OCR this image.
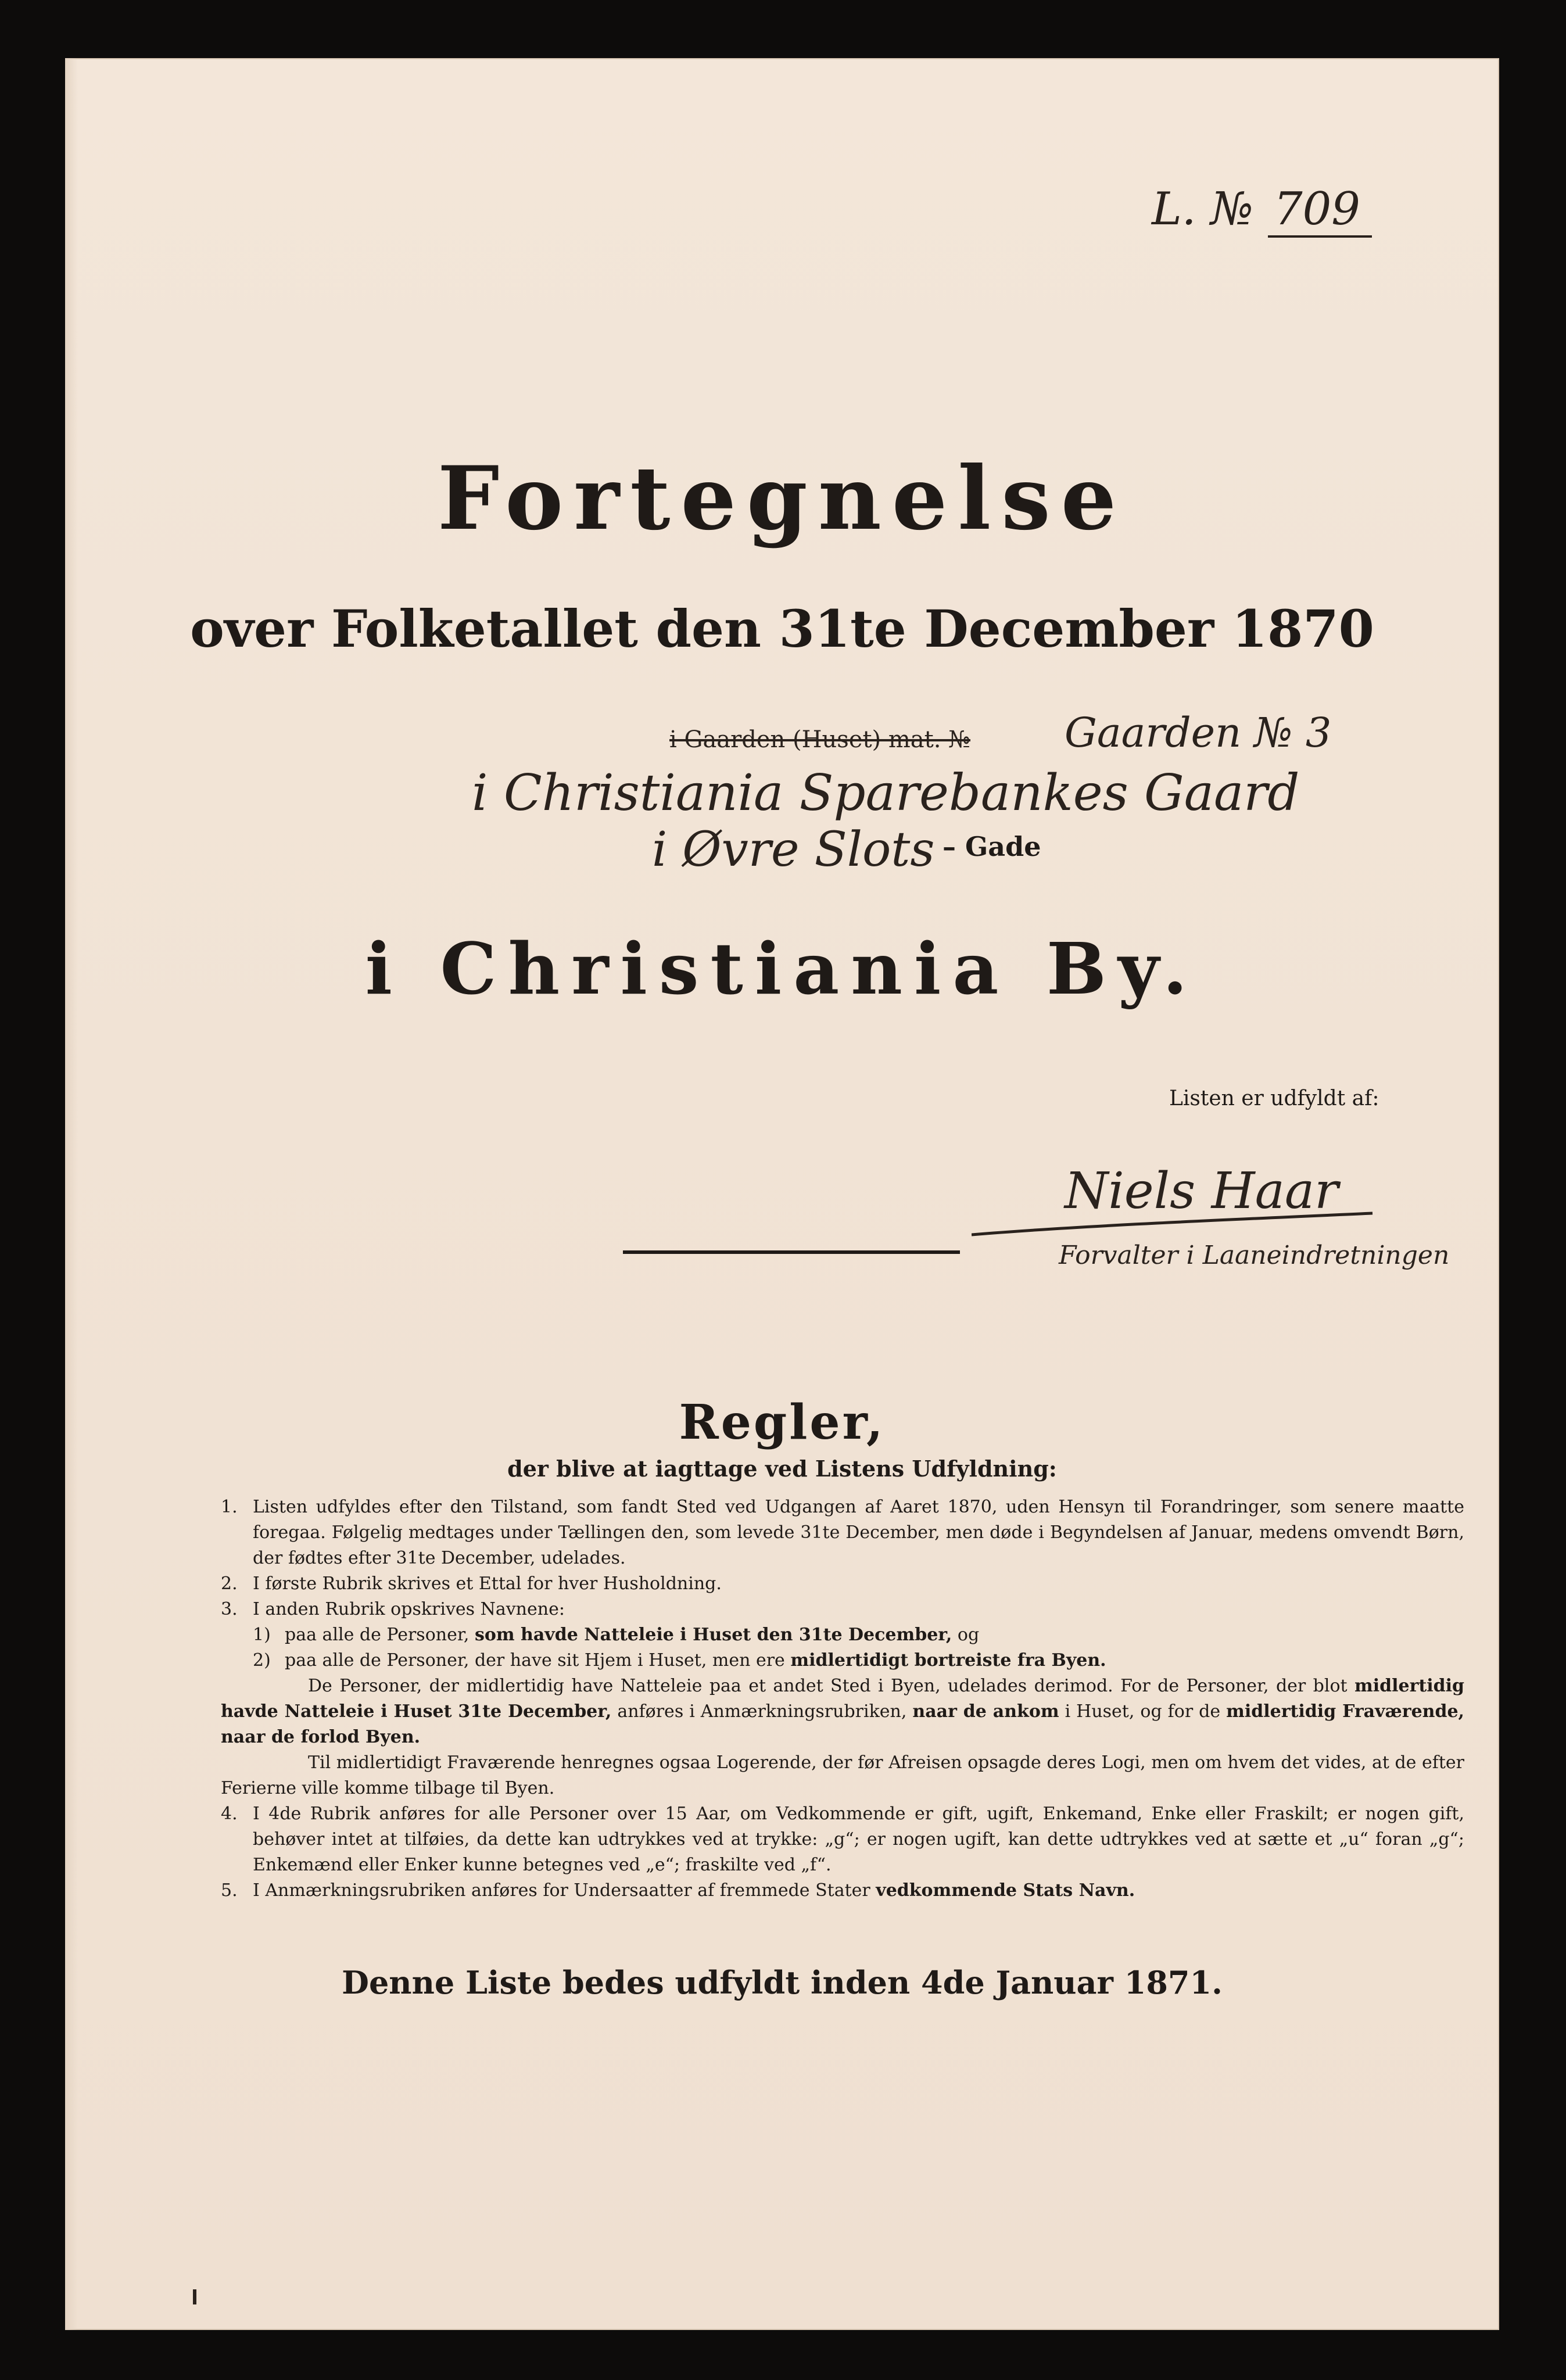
L. № 709
Fortegnelse
over Folketallet den 31te December 1870
i Gaarden (Huset) mat. № Gaarden № 3
i Christiania Sparebankes Gaard
i Øvre Slots – Gade
i Christiania By.
Listen er udfyldt af:
Niels Haar
Forvalter i Laaneindretningen
Regler,
der blive at iagttage ved Listens Udfyldning:

1. Listen udfyldes efter den Tilstand, som fandt Sted ved Udgangen af Aaret 1870, uden Hensyn til Forandringer, som senere maatte foregaa. Følgelig medtages under Tællingen den, som levede 31te December, men døde i Begyndelsen af Januar, medens omvendt Børn, der fødtes efter 31te December, udelades.

2. I første Rubrik skrives et Ettal for hver Husholdning.

3. I anden Rubrik opskrives Navnene:

1) paa alle de Personer, som havde Natteleie i Huset den 31te December, og

2) paa alle de Personer, der have sit Hjem i Huset, men ere midlertidigt bortreiste fra Byen.

De Personer, der midlertidig have Natteleie paa et andet Sted i Byen, udelades derimod. For de Personer, der blot midlertidig havde Natteleie i Huset 31te December, anføres i Anmærkningsrubriken, naar de ankom i Huset, og for de midlertidig Fraværende, naar de forlod Byen.

Til midlertidigt Fraværende henregnes ogsaa Logerende, der før Afreisen opsagde deres Logi, men om hvem det vides, at de efter Ferierne ville komme tilbage til Byen.

4. I 4de Rubrik anføres for alle Personer over 15 Aar, om Vedkommende er gift, ugift, Enkemand, Enke eller Fraskilt; er nogen gift, behøver intet at tilføies, da dette kan udtrykkes ved at trykke: „g“; er nogen ugift, kan dette udtrykkes ved at sætte et „u“ foran „g“; Enkemænd eller Enker kunne betegnes ved „e“; fraskilte ved „f“.

5. I Anmærkningsrubriken anføres for Undersaatter af fremmede Stater vedkommende Stats Navn.

Denne Liste bedes udfyldt inden 4de Januar 1871.
